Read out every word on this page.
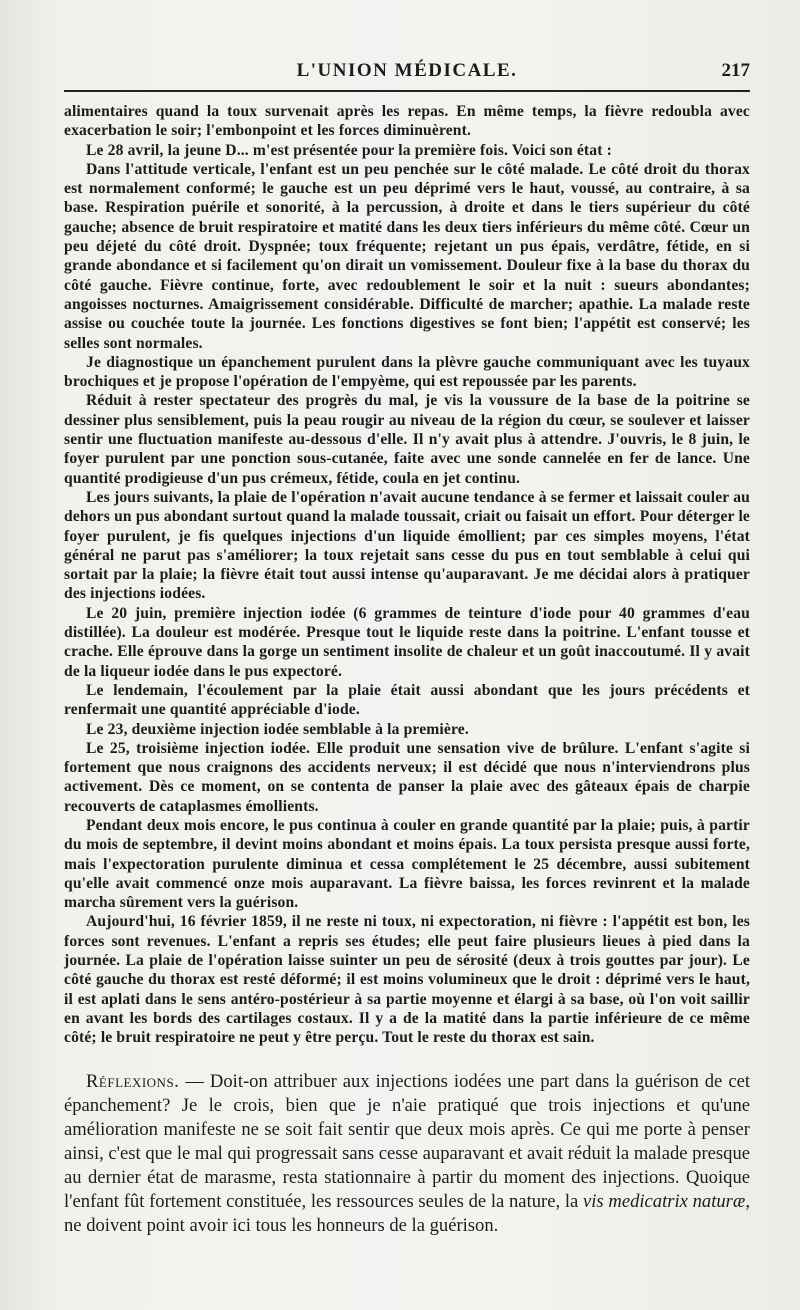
L'UNION MÉDICALE.	217

alimentaires quand la toux survenait après les repas. En même temps, la fièvre redoubla avec exacerbation le soir; l'embonpoint et les forces diminuèrent.

Le 28 avril, la jeune D... m'est présentée pour la première fois. Voici son état :

Dans l'attitude verticale, l'enfant est un peu penchée sur le côté malade. Le côté droit du thorax est normalement conformé; le gauche est un peu déprimé vers le haut, voussé, au contraire, à sa base. Respiration puérile et sonorité, à la percussion, à droite et dans le tiers supérieur du côté gauche; absence de bruit respiratoire et matité dans les deux tiers inférieurs du même côté. Cœur un peu déjeté du côté droit. Dyspnée; toux fréquente; rejetant un pus épais, verdâtre, fétide, en si grande abondance et si facilement qu'on dirait un vomissement. Douleur fixe à la base du thorax du côté gauche. Fièvre continue, forte, avec redoublement le soir et la nuit : sueurs abondantes; angoisses nocturnes. Amaigrissement considérable. Difficulté de marcher; apathie. La malade reste assise ou couchée toute la journée. Les fonctions digestives se font bien; l'appétit est conservé; les selles sont normales.

Je diagnostique un épanchement purulent dans la plèvre gauche communiquant avec les tuyaux brochiques et je propose l'opération de l'empyème, qui est repoussée par les parents.

Réduit à rester spectateur des progrès du mal, je vis la voussure de la base de la poitrine se dessiner plus sensiblement, puis la peau rougir au niveau de la région du cœur, se soulever et laisser sentir une fluctuation manifeste au-dessous d'elle. Il n'y avait plus à attendre. J'ouvris, le 8 juin, le foyer purulent par une ponction sous-cutanée, faite avec une sonde cannelée en fer de lance. Une quantité prodigieuse d'un pus crémeux, fétide, coula en jet continu.

Les jours suivants, la plaie de l'opération n'avait aucune tendance à se fermer et laissait couler au dehors un pus abondant surtout quand la malade toussait, criait ou faisait un effort. Pour déterger le foyer purulent, je fis quelques injections d'un liquide émollient; par ces simples moyens, l'état général ne parut pas s'améliorer; la toux rejetait sans cesse du pus en tout semblable à celui qui sortait par la plaie; la fièvre était tout aussi intense qu'auparavant. Je me décidai alors à pratiquer des injections iodées.

Le 20 juin, première injection iodée (6 grammes de teinture d'iode pour 40 grammes d'eau distillée). La douleur est modérée. Presque tout le liquide reste dans la poitrine. L'enfant tousse et crache. Elle éprouve dans la gorge un sentiment insolite de chaleur et un goût inaccoutumé. Il y avait de la liqueur iodée dans le pus expectoré.

Le lendemain, l'écoulement par la plaie était aussi abondant que les jours précédents et renfermait une quantité appréciable d'iode.

Le 23, deuxième injection iodée semblable à la première.

Le 25, troisième injection iodée. Elle produit une sensation vive de brûlure. L'enfant s'agite si fortement que nous craignons des accidents nerveux; il est décidé que nous n'interviendrons plus activement. Dès ce moment, on se contenta de panser la plaie avec des gâteaux épais de charpie recouverts de cataplasmes émollients.

Pendant deux mois encore, le pus continua à couler en grande quantité par la plaie; puis, à partir du mois de septembre, il devint moins abondant et moins épais. La toux persista presque aussi forte, mais l'expectoration purulente diminua et cessa complétement le 25 décembre, aussi subitement qu'elle avait commencé onze mois auparavant. La fièvre baissa, les forces revinrent et la malade marcha sûrement vers la guérison.

Aujourd'hui, 16 février 1859, il ne reste ni toux, ni expectoration, ni fièvre : l'appétit est bon, les forces sont revenues. L'enfant a repris ses études; elle peut faire plusieurs lieues à pied dans la journée. La plaie de l'opération laisse suinter un peu de sérosité (deux à trois gouttes par jour). Le côté gauche du thorax est resté déformé; il est moins volumineux que le droit : déprimé vers le haut, il est aplati dans le sens antéro-postérieur à sa partie moyenne et élargi à sa base, où l'on voit saillir en avant les bords des cartilages costaux. Il y a de la matité dans la partie inférieure de ce même côté; le bruit respiratoire ne peut y être perçu. Tout le reste du thorax est sain.

Réflexions. — Doit-on attribuer aux injections iodées une part dans la guérison de cet épanchement? Je le crois, bien que je n'aie pratiqué que trois injections et qu'une amélioration manifeste ne se soit fait sentir que deux mois après. Ce qui me porte à penser ainsi, c'est que le mal qui progressait sans cesse auparavant et avait réduit la malade presque au dernier état de marasme, resta stationnaire à partir du moment des injections. Quoique l'enfant fût fortement constituée, les ressources seules de la nature, la vis medicatrix naturæ, ne doivent point avoir ici tous les honneurs de la guérison.
